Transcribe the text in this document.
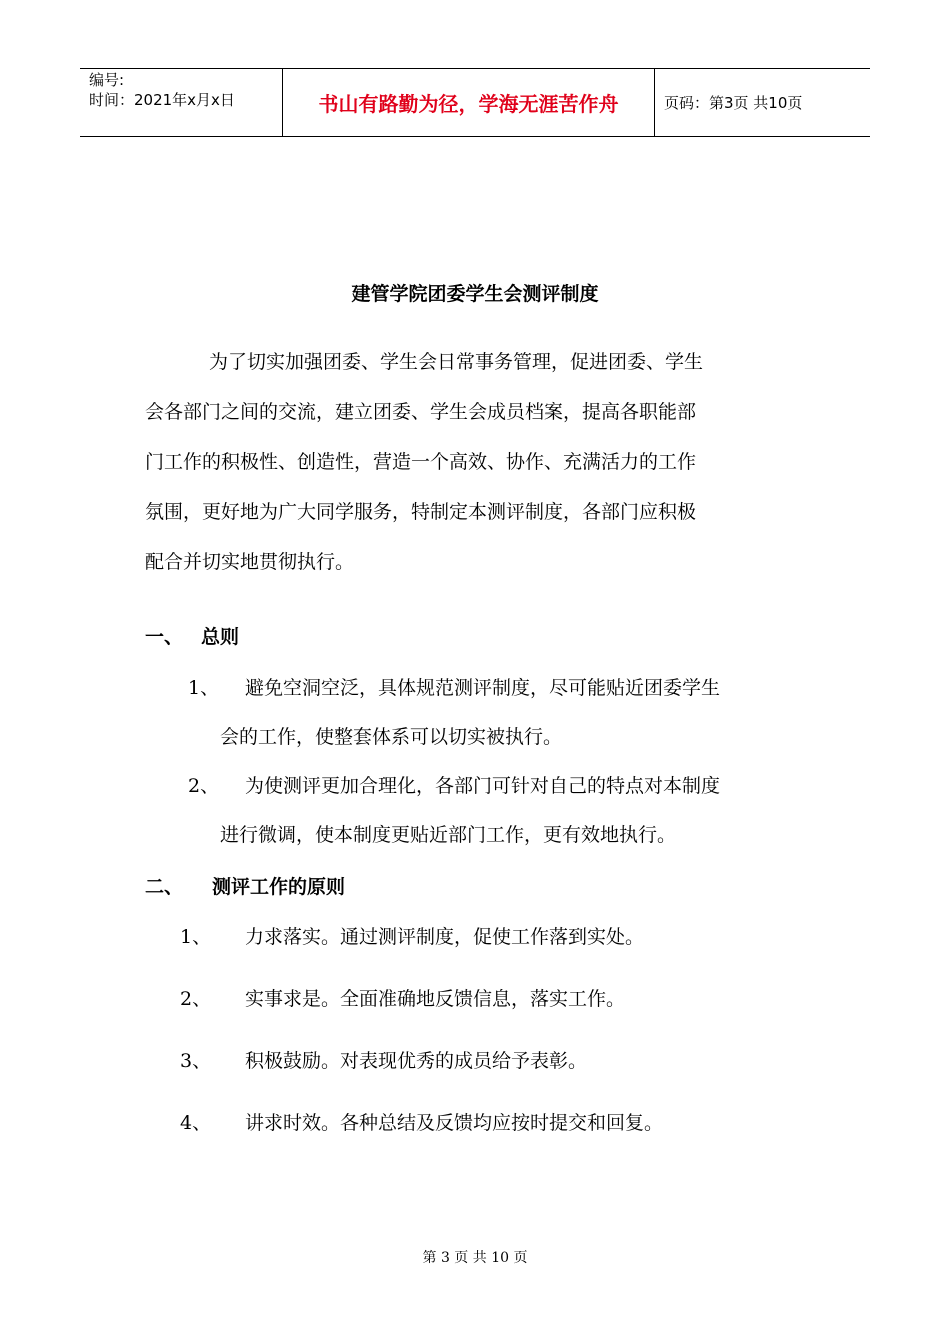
编号:
时间：2021年x月x日	书山有路勤为径，学海无涯苦作舟	页码：第3页 共10页
建管学院团委学生会测评制度
为了切实加强团委、学生会日常事务管理，促进团委、学生
会各部门之间的交流，建立团委、学生会成员档案，提高各职能部
门工作的积极性、创造性，营造一个高效、协作、充满活力的工作
氛围，更好地为广大同学服务，特制定本测评制度，各部门应积极
配合并切实地贯彻执行。
一、 总则
1、 避免空洞空泛，具体规范测评制度，尽可能贴近团委学生
会的工作，使整套体系可以切实被执行。
2、 为使测评更加合理化，各部门可针对自己的特点对本制度
进行微调，使本制度更贴近部门工作，更有效地执行。
二、 测评工作的原则
1、 力求落实。通过测评制度，促使工作落到实处。
2、 实事求是。全面准确地反馈信息，落实工作。
3、 积极鼓励。对表现优秀的成员给予表彰。
4、 讲求时效。各种总结及反馈均应按时提交和回复。
第 3 页 共 10 页
